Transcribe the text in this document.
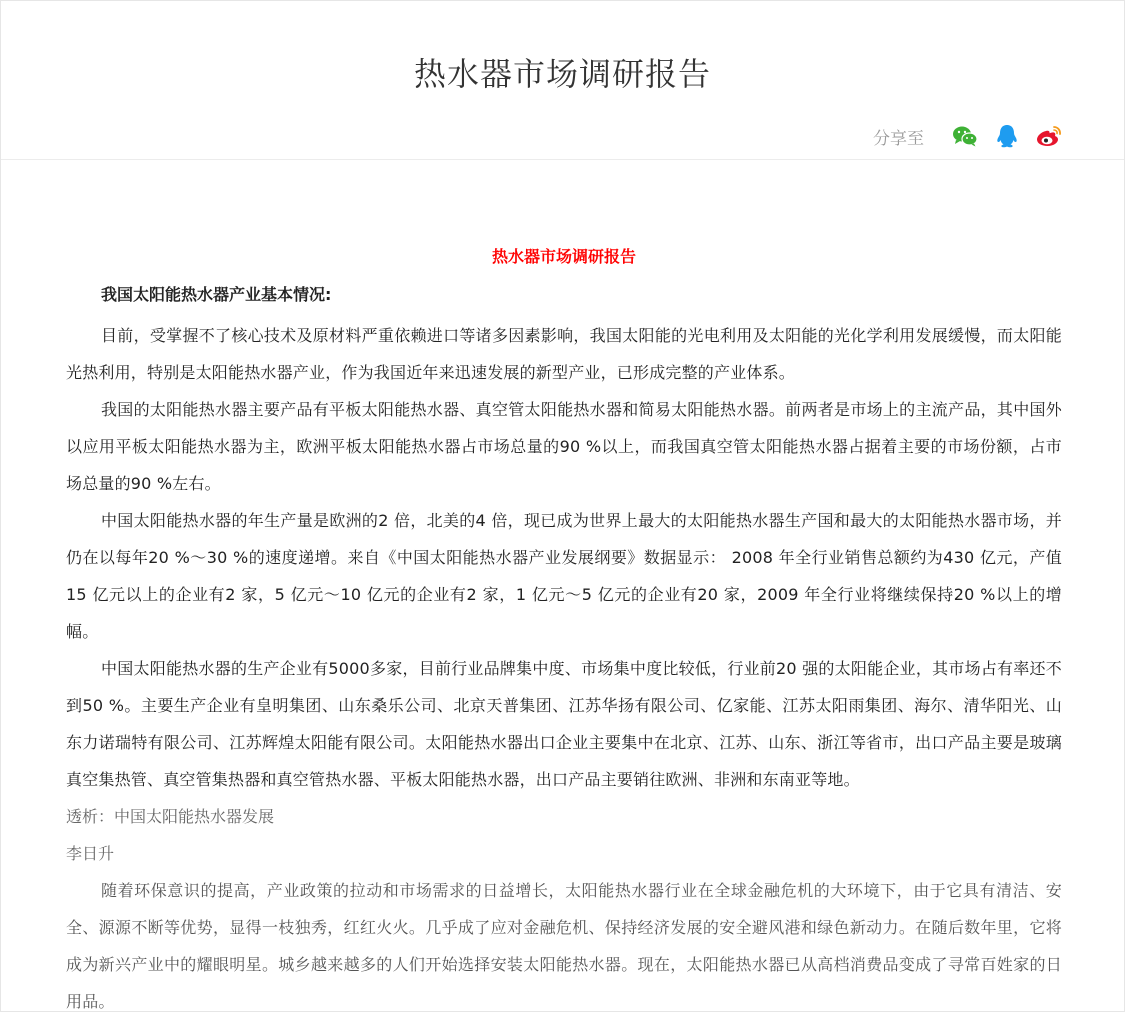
热水器市场调研报告
分享至
热水器市场调研报告
我国太阳能热水器产业基本情况:

目前，受掌握不了核心技术及原材料严重依赖进口等诸多因素影响，我国太阳能的光电利用及太阳能的光化学利用发展缓慢，而太阳能光热利用，特别是太阳能热水器产业，作为我国近年来迅速发展的新型产业，已形成完整的产业体系。

我国的太阳能热水器主要产品有平板太阳能热水器、真空管太阳能热水器和简易太阳能热水器。前两者是市场上的主流产品，其中国外以应用平板太阳能热水器为主，欧洲平板太阳能热水器占市场总量的90 %以上，而我国真空管太阳能热水器占据着主要的市场份额，占市场总量的90 %左右。

中国太阳能热水器的年生产量是欧洲的2 倍，北美的4 倍，现已成为世界上最大的太阳能热水器生产国和最大的太阳能热水器市场，并仍在以每年20 %～30 %的速度递增。来自《中国太阳能热水器产业发展纲要》数据显示： 2008 年全行业销售总额约为430 亿元，产值15 亿元以上的企业有2 家，5 亿元～10 亿元的企业有2 家，1 亿元～5 亿元的企业有20 家，2009 年全行业将继续保持20 %以上的增幅。

中国太阳能热水器的生产企业有5000多家，目前行业品牌集中度、市场集中度比较低，行业前20 强的太阳能企业，其市场占有率还不到50 %。主要生产企业有皇明集团、山东桑乐公司、北京天普集团、江苏华扬有限公司、亿家能、江苏太阳雨集团、海尔、清华阳光、山东力诺瑞特有限公司、江苏辉煌太阳能有限公司。太阳能热水器出口企业主要集中在北京、江苏、山东、浙江等省市，出口产品主要是玻璃真空集热管、真空管集热器和真空管热水器、平板太阳能热水器，出口产品主要销往欧洲、非洲和东南亚等地。

透析：中国太阳能热水器发展

李日升

随着环保意识的提高，产业政策的拉动和市场需求的日益增长，太阳能热水器行业在全球金融危机的大环境下，由于它具有清洁、安全、源源不断等优势，显得一枝独秀，红红火火。几乎成了应对金融危机、保持经济发展的安全避风港和绿色新动力。在随后数年里，它将成为新兴产业中的耀眼明星。城乡越来越多的人们开始选择安装太阳能热水器。现在，太阳能热水器已从高档消费品变成了寻常百姓家的日用品。
